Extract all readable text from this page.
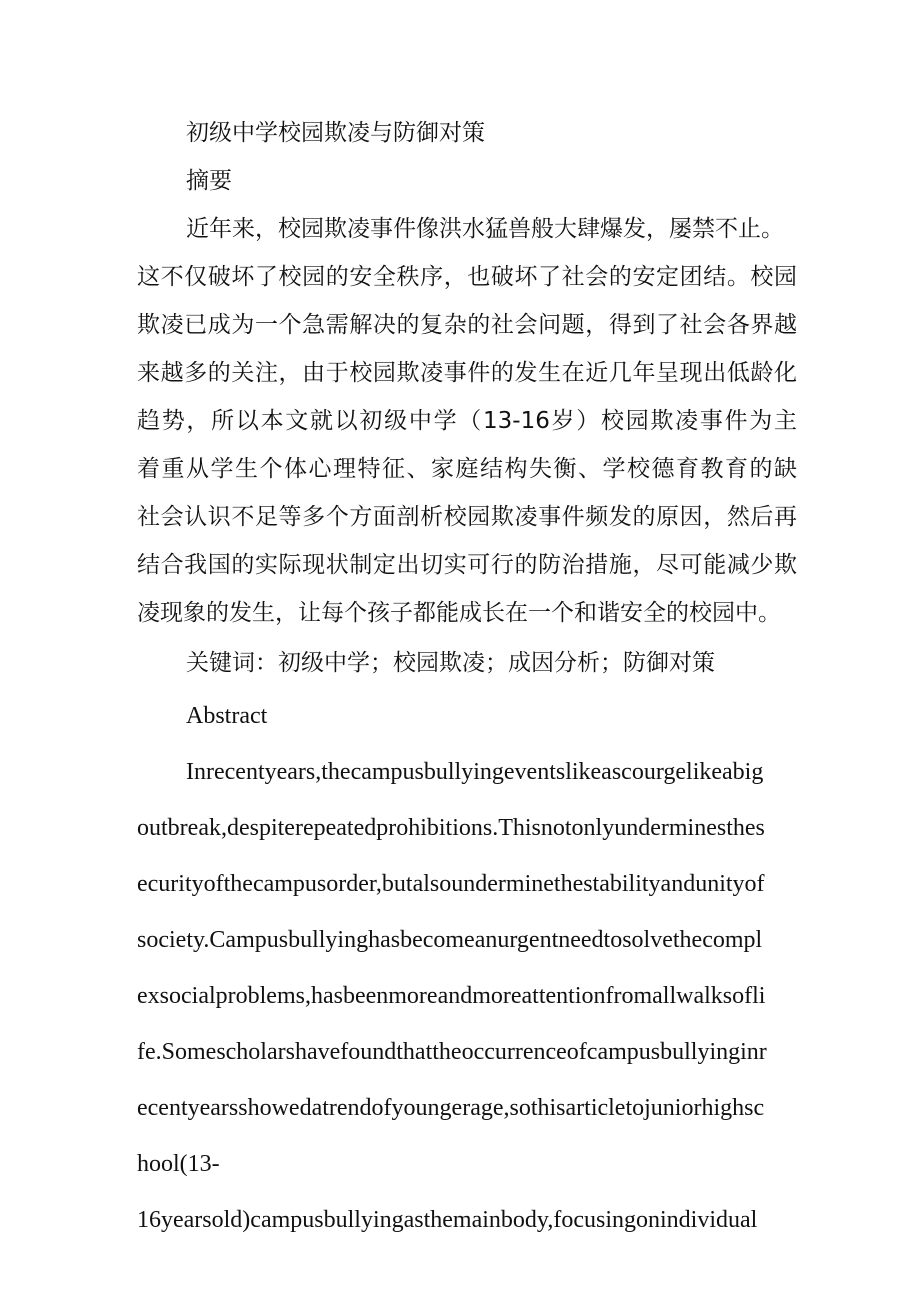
初级中学校园欺凌与防御对策
摘要
近年来，校园欺凌事件像洪水猛兽般大肆爆发，屡禁不止。
这不仅破坏了校园的安全秩序，也破坏了社会的安定团结。校园
欺凌已成为一个急需解决的复杂的社会问题，得到了社会各界越
来越多的关注，由于校园欺凌事件的发生在近几年呈现出低龄化
趋势，所以本文就以初级中学（13-16岁）校园欺凌事件为主
着重从学生个体心理特征、家庭结构失衡、学校德育教育的缺
社会认识不足等多个方面剖析校园欺凌事件频发的原因，然后再
结合我国的实际现状制定出切实可行的防治措施，尽可能减少欺
凌现象的发生，让每个孩子都能成长在一个和谐安全的校园中。
关键词：初级中学；校园欺凌；成因分析；防御对策
Abstract
Inrecentyears,thecampusbullyingeventslikeascourgelikeabig
outbreak,despiterepeatedprohibitions.Thisnotonlyunderminesthes
ecurityofthecampusorder,butalsounderminethestabilityandunityof
society.Campusbullyinghasbecomeanurgentneedtosolvethecompl
exsocialproblems,hasbeenmoreandmoreattentionfromallwalksofli
fe.Somescholarshavefoundthattheoccurrenceofcampusbullyinginr
ecentyearsshowedatrendofyoungerage,sothisarticletojuniorhighsc
hool(13-
16yearsold)campusbullyingasthemainbody,focusingonindividual
